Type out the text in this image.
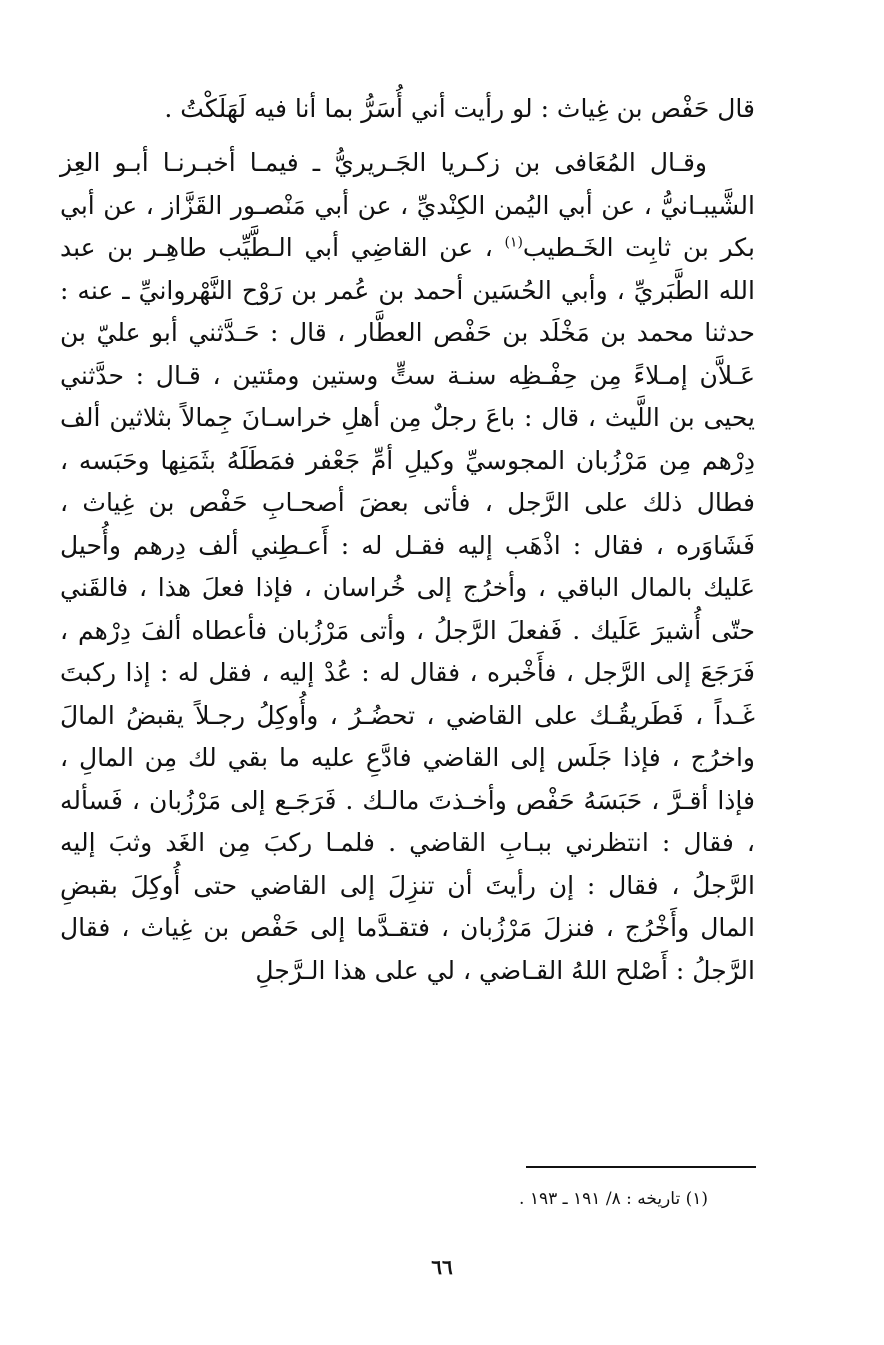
قال حَفْص بن غِياث : لو رأيت أني أُسَرُّ بما أنا فيه لَهَلَكْتُ .

وقـال المُعَافى بن زكـريا الجَـريريُّ ـ فيمـا أخبـرنـا أبـو العِز الشَّيبـانيُّ ، عن أبي اليُمن الكِنْديِّ ، عن أبي مَنْصـور القَزَّاز ، عن أبي بكر بن ثابِت الخَـطيب$^{(١)}$ ، عن القاضِي أبي الـطَّيِّب طاهِـر بن عبد الله الطَّبَريِّ ، وأبي الحُسَين أحمد بن عُمر بن رَوْح النَّهْروانيِّ ـ عنه : حدثنا محمد بن مَخْلَد بن حَفْص العطَّار ، قال : حَـدَّثني أبو عليّ بن عَـلاَّن إمـلاءً مِن حِفْـظِه سنـة ستٍّ وستين ومئتين ، قـال : حدَّثني يحيى بن اللَّيث ، قال : باعَ رجلٌ مِن أهلِ خراسـانَ جِمالاً بثلاثين ألف دِرْهم مِن مَرْزُبان المجوسيِّ وكيلِ أمِّ جَعْفر فمَطَلَهُ بثَمَنِها وحَبَسه ، فطال ذلك على الرَّجل ، فأتى بعضَ أصحـابِ حَفْص بن غِياث ، فَشَاوَره ، فقال : اذْهَب إليه فقـل له : أَعـطِني ألف دِرهم وأُحيل عَليك بالمال الباقي ، وأخرُج إلى خُراسان ، فإذا فعلَ هذا ، فالقَني حتّى أُشيرَ عَلَيك . فَفعلَ الرَّجلُ ، وأتى مَرْزُبان فأعطاه ألفَ دِرْهم ، فَرَجَعَ إلى الرَّجل ، فأَخْبره ، فقال له : عُدْ إليه ، فقل له : إذا ركبتَ غَـداً ، فَطَريقُـك على القاضي ، تحضُـرُ ، وأُوكِلُ رجـلاً يقبضُ المالَ واخرُج ، فإذا جَلَس إلى القاضي فادَّعِ عليه ما بقي لك مِن المالِ ، فإذا أقـرَّ ، حَبَسَهُ حَفْص وأخـذتَ مالـك . فَرَجَـع إلى مَرْزُبان ، فَسأله ، فقال : انتظرني ببـابِ القاضي . فلمـا ركبَ مِن الغَد وثبَ إليه الرَّجلُ ، فقال : إن رأيتَ أن تنزِلَ إلى القاضي حتى أُوكِلَ بقبضِ المال وأَخْرُج ، فنزلَ مَرْزُبان ، فتقـدَّما إلى حَفْص بن غِياث ، فقال الرَّجلُ : أَصْلح اللهُ القـاضي ، لي على هذا الـرَّجلِ

(١) تاريخه : ٨/ ١٩١ ـ ١٩٣ .
٦٦
